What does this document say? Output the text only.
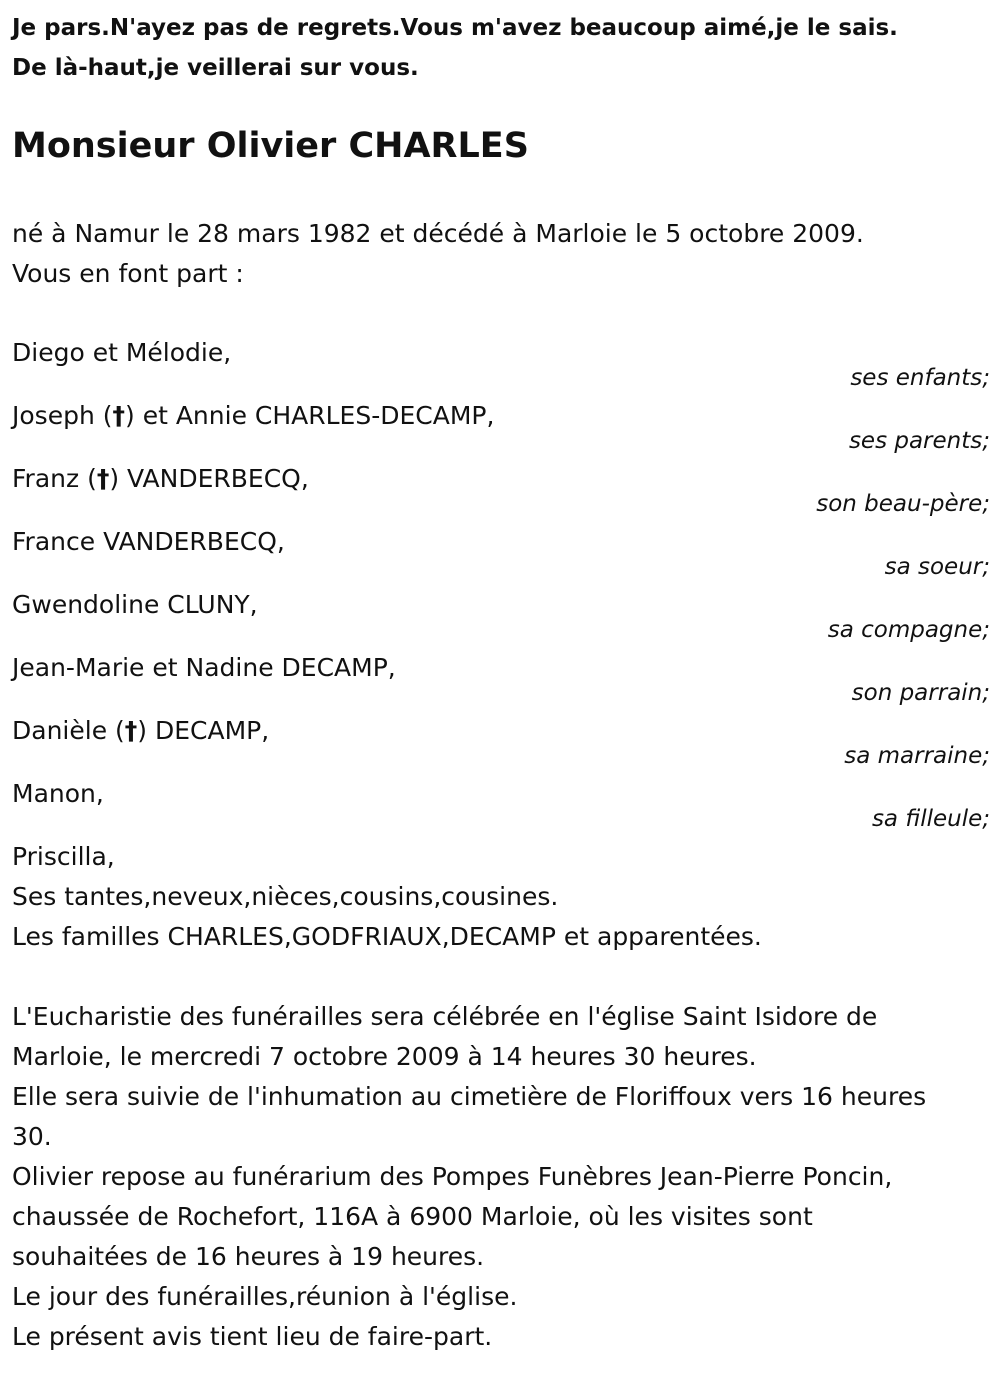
Je pars.N'ayez pas de regrets.Vous m'avez beaucoup aimé,je le sais.
De là-haut,je veillerai sur vous.

Monsieur Olivier CHARLES

né à Namur le 28 mars 1982 et décédé à Marloie le 5 octobre 2009.
Vous en font part :

Diego et Mélodie,
ses enfants;
Joseph (†) et Annie CHARLES-DECAMP,
ses parents;
Franz (†) VANDERBECQ,
son beau-père;
France VANDERBECQ,
sa soeur;
Gwendoline CLUNY,
sa compagne;
Jean-Marie et Nadine DECAMP,
son parrain;
Danièle (†) DECAMP,
sa marraine;
Manon,
sa filleule;

Priscilla,
Ses tantes,neveux,nièces,cousins,cousines.
Les familles CHARLES,GODFRIAUX,DECAMP et apparentées.

L'Eucharistie des funérailles sera célébrée en l'église Saint Isidore de
Marloie, le mercredi 7 octobre 2009 à 14 heures 30 heures.
Elle sera suivie de l'inhumation au cimetière de Floriffoux vers 16 heures
30.
Olivier repose au funérarium des Pompes Funèbres Jean-Pierre Poncin,
chaussée de Rochefort, 116A à 6900 Marloie, où les visites sont
souhaitées de 16 heures à 19 heures.
Le jour des funérailles,réunion à l'église.
Le présent avis tient lieu de faire-part.
